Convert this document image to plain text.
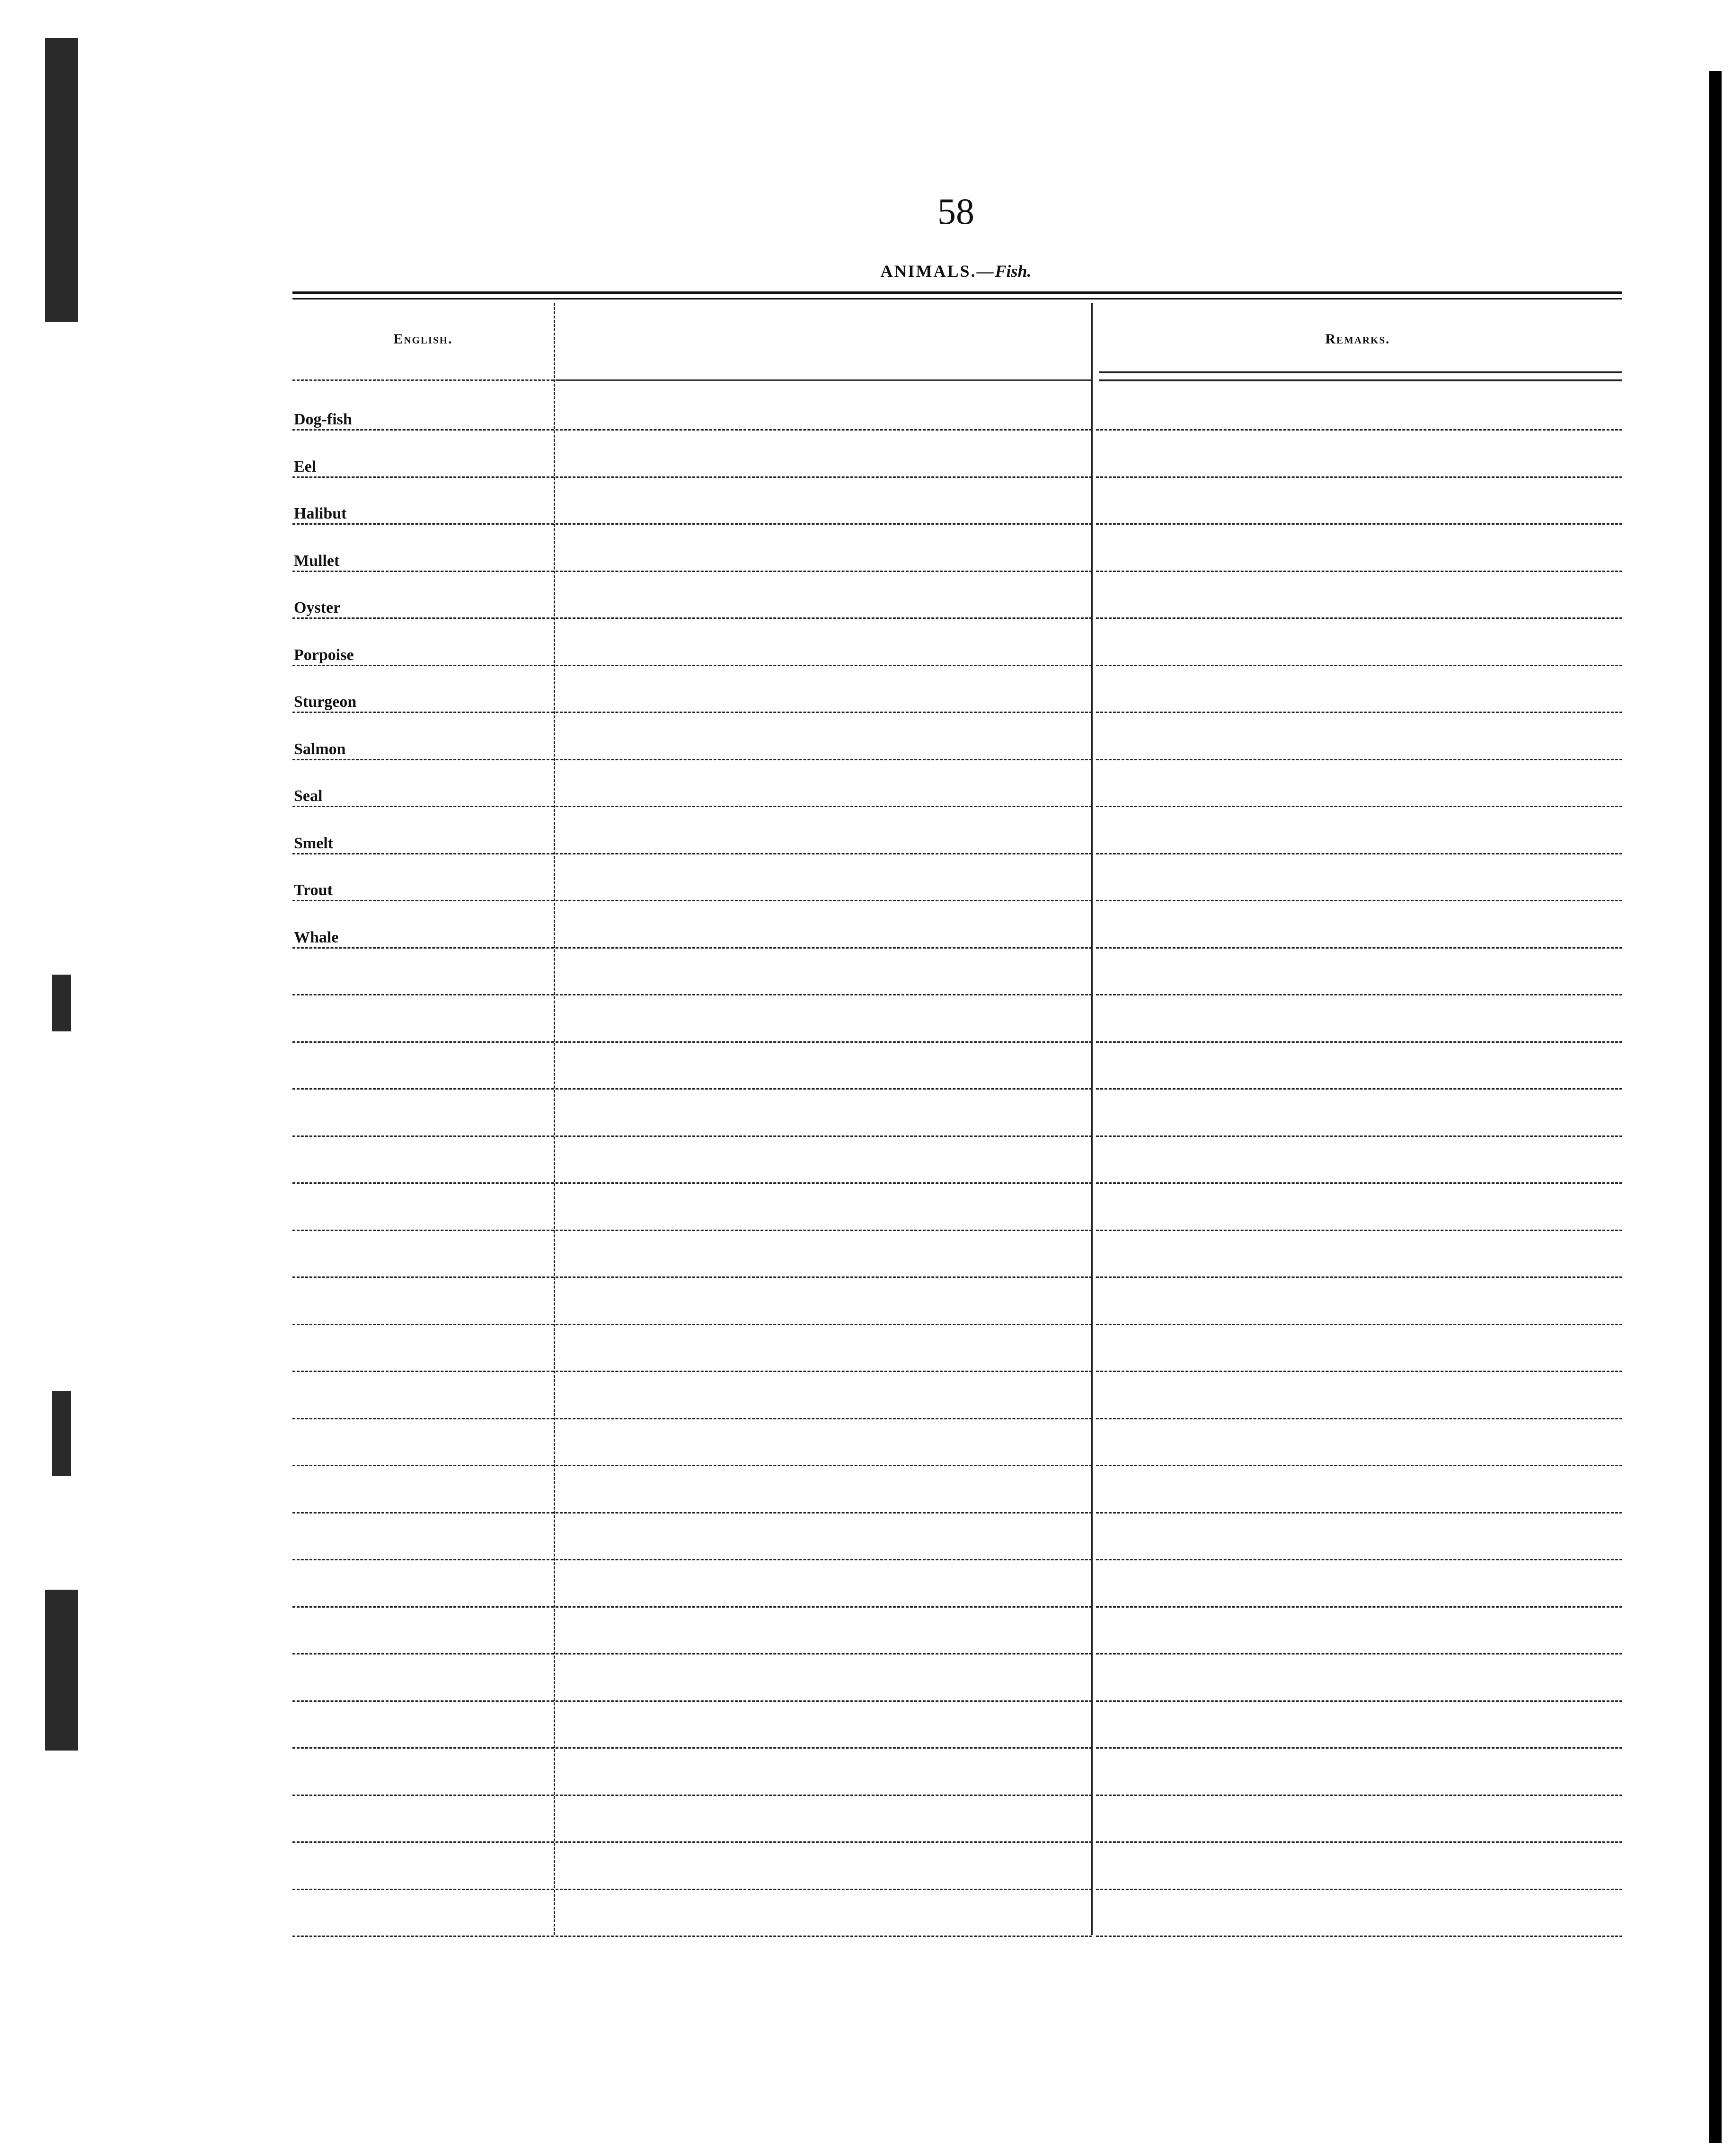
58
ANIMALS.—Fish.
English.	Remarks.
Dog-fish
Eel
Halibut
Mullet
Oyster
Porpoise
Sturgeon
Salmon
Seal
Smelt
Trout
Whale
